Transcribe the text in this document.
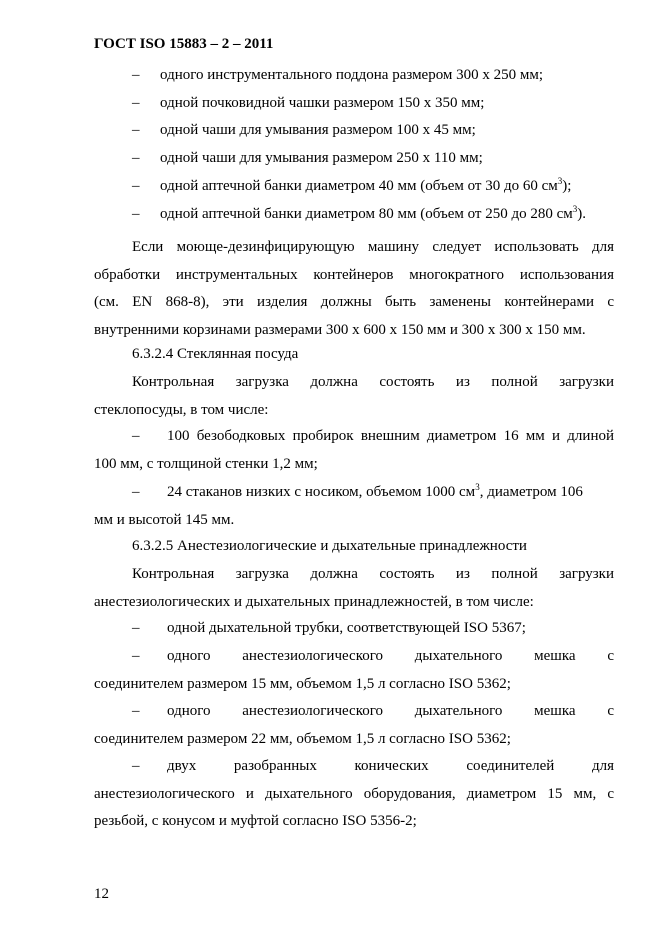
ГОСТ ISO 15883 – 2 – 2011
– одного инструментального поддона размером 300 х 250 мм;
– одной почковидной чашки размером 150 х 350 мм;
– одной чаши для умывания размером 100 х 45 мм;
– одной чаши для умывания размером 250 х 110 мм;
– одной аптечной банки диаметром 40 мм (объем от 30 до 60 $см^3$);
– одной аптечной банки диаметром 80 мм (объем от 250 до 280 $см^3$).
Если моюще-дезинфицирующую машину следует использовать для
обработки инструментальных контейнеров многократного использования
(см. EN 868-8), эти изделия должны быть заменены контейнерами с
внутренними корзинами размерами 300 х 600 х 150 мм и 300 х 300 х 150 мм.
6.3.2.4 Стеклянная посуда
Контрольная загрузка должна состоять из полной загрузки
стеклопосуды, в том числе:
– 100 безободковых пробирок внешним диаметром 16 мм и длиной
100 мм, с толщиной стенки 1,2 мм;
– 24 стаканов низких с носиком, объемом 1000 $см^3$, диаметром 106
мм и высотой 145 мм.
6.3.2.5 Анестезиологические и дыхательные принадлежности
Контрольная загрузка должна состоять из полной загрузки
анестезиологических и дыхательных принадлежностей, в том числе:
– одной дыхательной трубки, соответствующей ISO 5367;
– одного анестезиологического дыхательного мешка с
соединителем размером 15 мм, объемом 1,5 л согласно ISO 5362;
– одного анестезиологического дыхательного мешка с
соединителем размером 22 мм, объемом 1,5 л согласно ISO 5362;
– двух разобранных конических соединителей для
анестезиологического и дыхательного оборудования, диаметром 15 мм, с
резьбой, с конусом и муфтой согласно ISO 5356-2;
12
